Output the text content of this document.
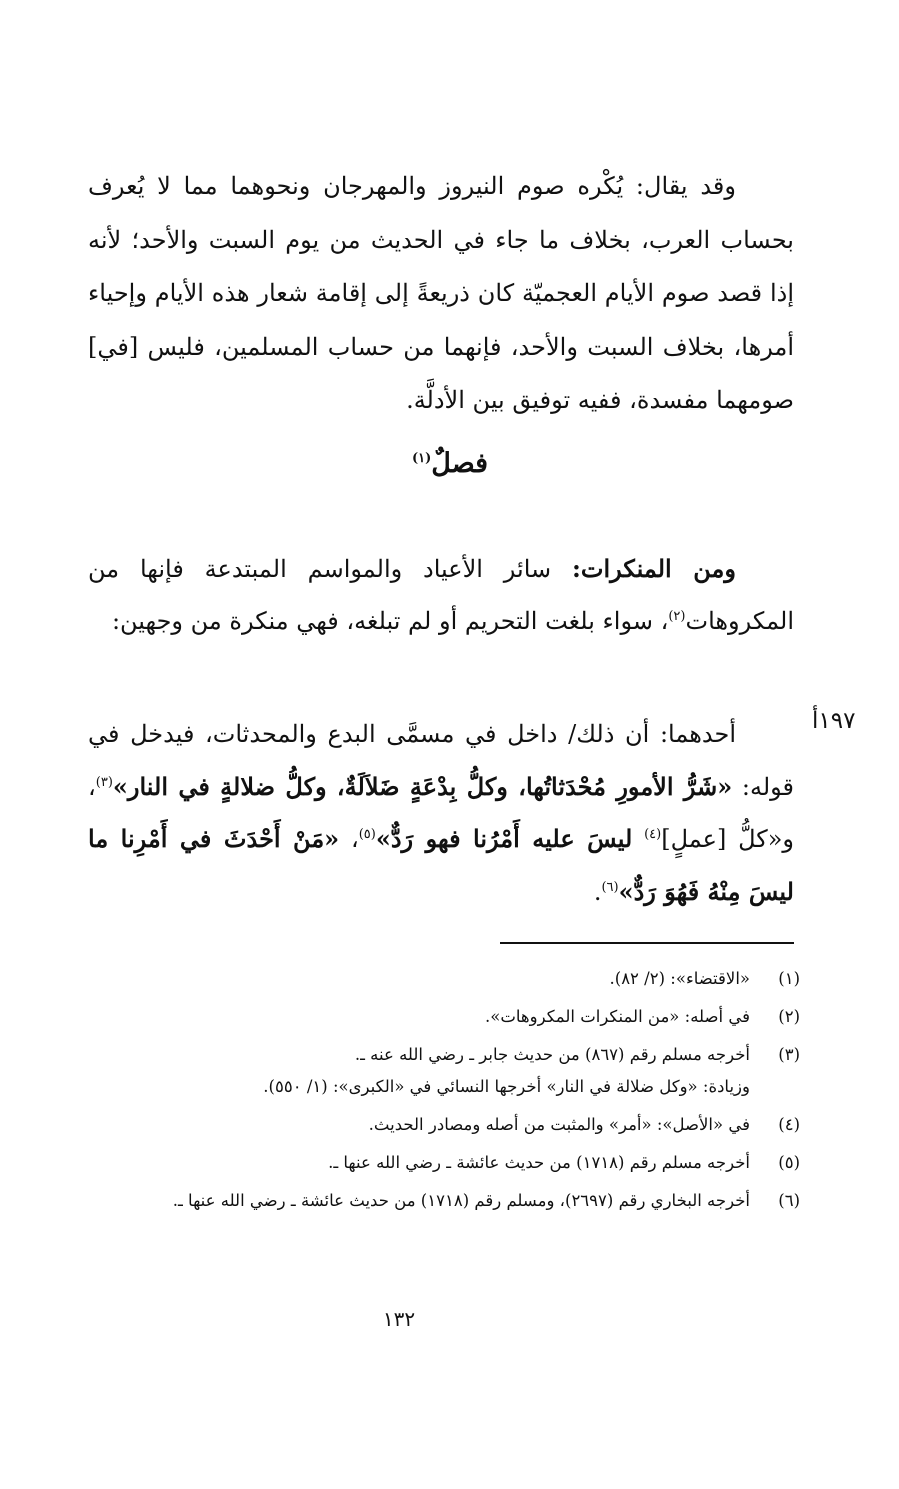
وقد يقال: يُكْره صوم النيروز والمهرجان ونحوهما مما لا يُعرف بحساب العرب، بخلاف ما جاء في الحديث من يوم السبت والأحد؛ لأنه إذا قصد صوم الأيام العجميّة كان ذريعةً إلى إقامة شعار هذه الأيام وإحياء أمرها، بخلاف السبت والأحد، فإنهما من حساب المسلمين، فليس [في] صومهما مفسدة، ففيه توفيق بين الأدلَّة.

فصلٌ$^{(١)}$
ومن المنكرات: سائر الأعياد والمواسم المبتدعة فإنها من المكروهات$^{(٢)}$، سواء بلغت التحريم أو لم تبلغه، فهي منكرة من وجهين:
١٩٧أ
أحدهما: أن ذلك/ داخل في مسمَّى البدع والمحدثات، فيدخل في قوله: «شَرُّ الأمورِ مُحْدَثاتُها، وكلُّ بِدْعَةٍ ضَلاَلَةٌ، وكلُّ ضلالةٍ في النار»$^{(٣)}$، و«كلُّ [عملٍ]$^{(٤)}$ ليسَ عليه أَمْرُنا فهو رَدٌّ»$^{(٥)}$، «مَنْ أَحْدَثَ في أَمْرِنا ما ليسَ مِنْهُ فَهُوَ رَدٌّ»$^{(٦)}$.
(١)
«الاقتضاء»: (٢/ ٨٢).
(٢)
في أصله: «من المنكرات المكروهات».
(٣)
أخرجه مسلم رقم (٨٦٧) من حديث جابر ـ رضي الله عنه ـ.
وزيادة: «وكل ضلالة في النار» أخرجها النسائي في «الكبرى»: (١/ ٥٥٠).
(٤)
في «الأصل»: «أمر» والمثبت من أصله ومصادر الحديث.
(٥)
أخرجه مسلم رقم (١٧١٨) من حديث عائشة ـ رضي الله عنها ـ.
(٦)
أخرجه البخاري رقم (٢٦٩٧)، ومسلم رقم (١٧١٨) من حديث عائشة ـ رضي الله عنها ـ.
١٣٢
